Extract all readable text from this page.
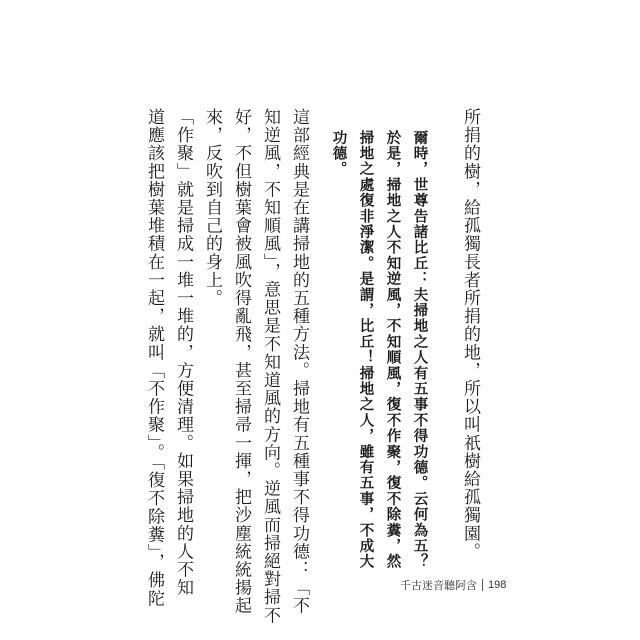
所捐的樹，給孤獨長者所捐的地，所以叫祇樹給孤獨園。
爾時，世尊告諸比丘：夫掃地之人有五事不得功德。云何為五？
於是，掃地之人不知逆風，不知順風，復不作聚，復不除糞，然
掃地之處復非淨潔。是謂，比丘！掃地之人，雖有五事，不成大
功德。
這部經典是在講掃地的五種方法。掃地有五種事不得功德：「不
知逆風，不知順風」，意思是不知道風的方向。逆風而掃絕對掃不
好，不但樹葉會被風吹得亂飛，甚至掃帚一揮，把沙塵統統揚起
來，反吹到自己的身上。
「作聚」就是掃成一堆一堆的，方便清理。如果掃地的人不知
道應該把樹葉堆積在一起，就叫「不作聚」。「復不除糞」，佛陀	千古迷音聽阿含 198
